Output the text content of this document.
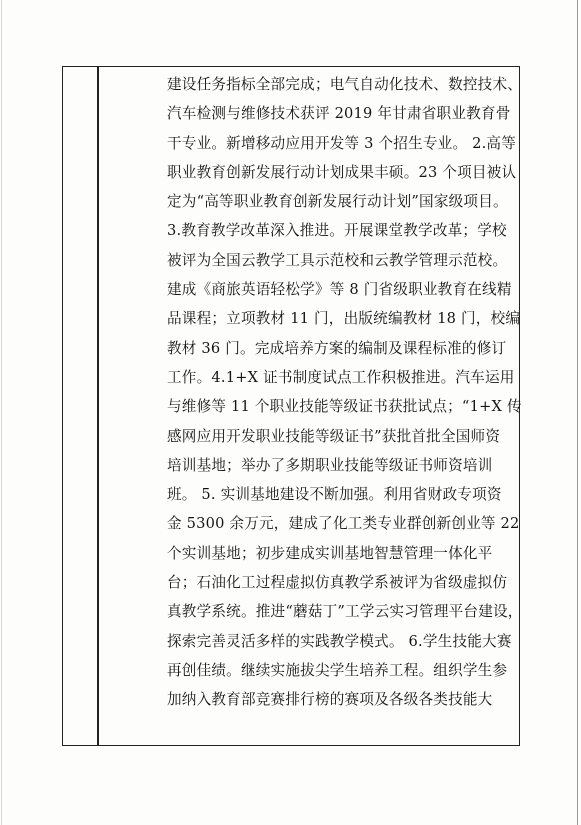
建设任务指标全部完成；电气自动化技术、数控技术、
汽车检测与维修技术获评 2019 年甘肃省职业教育骨
干专业。新增移动应用开发等 3 个招生专业。 2.高等
职业教育创新发展行动计划成果丰硕。23 个项目被认
定为“高等职业教育创新发展行动计划”国家级项目。
3.教育教学改革深入推进。开展课堂教学改革；学校
被评为全国云教学工具示范校和云教学管理示范校。
建成《商旅英语轻松学》等 8 门省级职业教育在线精
品课程；立项教材 11 门，出版统编教材 18 门，校编
教材 36 门。完成培养方案的编制及课程标准的修订
工作。4.1+X 证书制度试点工作积极推进。汽车运用
与维修等 11 个职业技能等级证书获批试点；“1+X 传
感网应用开发职业技能等级证书”获批首批全国师资
培训基地；举办了多期职业技能等级证书师资培训
班。 5. 实训基地建设不断加强。利用省财政专项资
金 5300 余万元，建成了化工类专业群创新创业等 22
个实训基地；初步建成实训基地智慧管理一体化平
台；石油化工过程虚拟仿真教学系被评为省级虚拟仿
真教学系统。推进“蘑菇丁”工学云实习管理平台建设，
探索完善灵活多样的实践教学模式。 6.学生技能大赛
再创佳绩。继续实施拔尖学生培养工程。组织学生参
加纳入教育部竞赛排行榜的赛项及各级各类技能大
